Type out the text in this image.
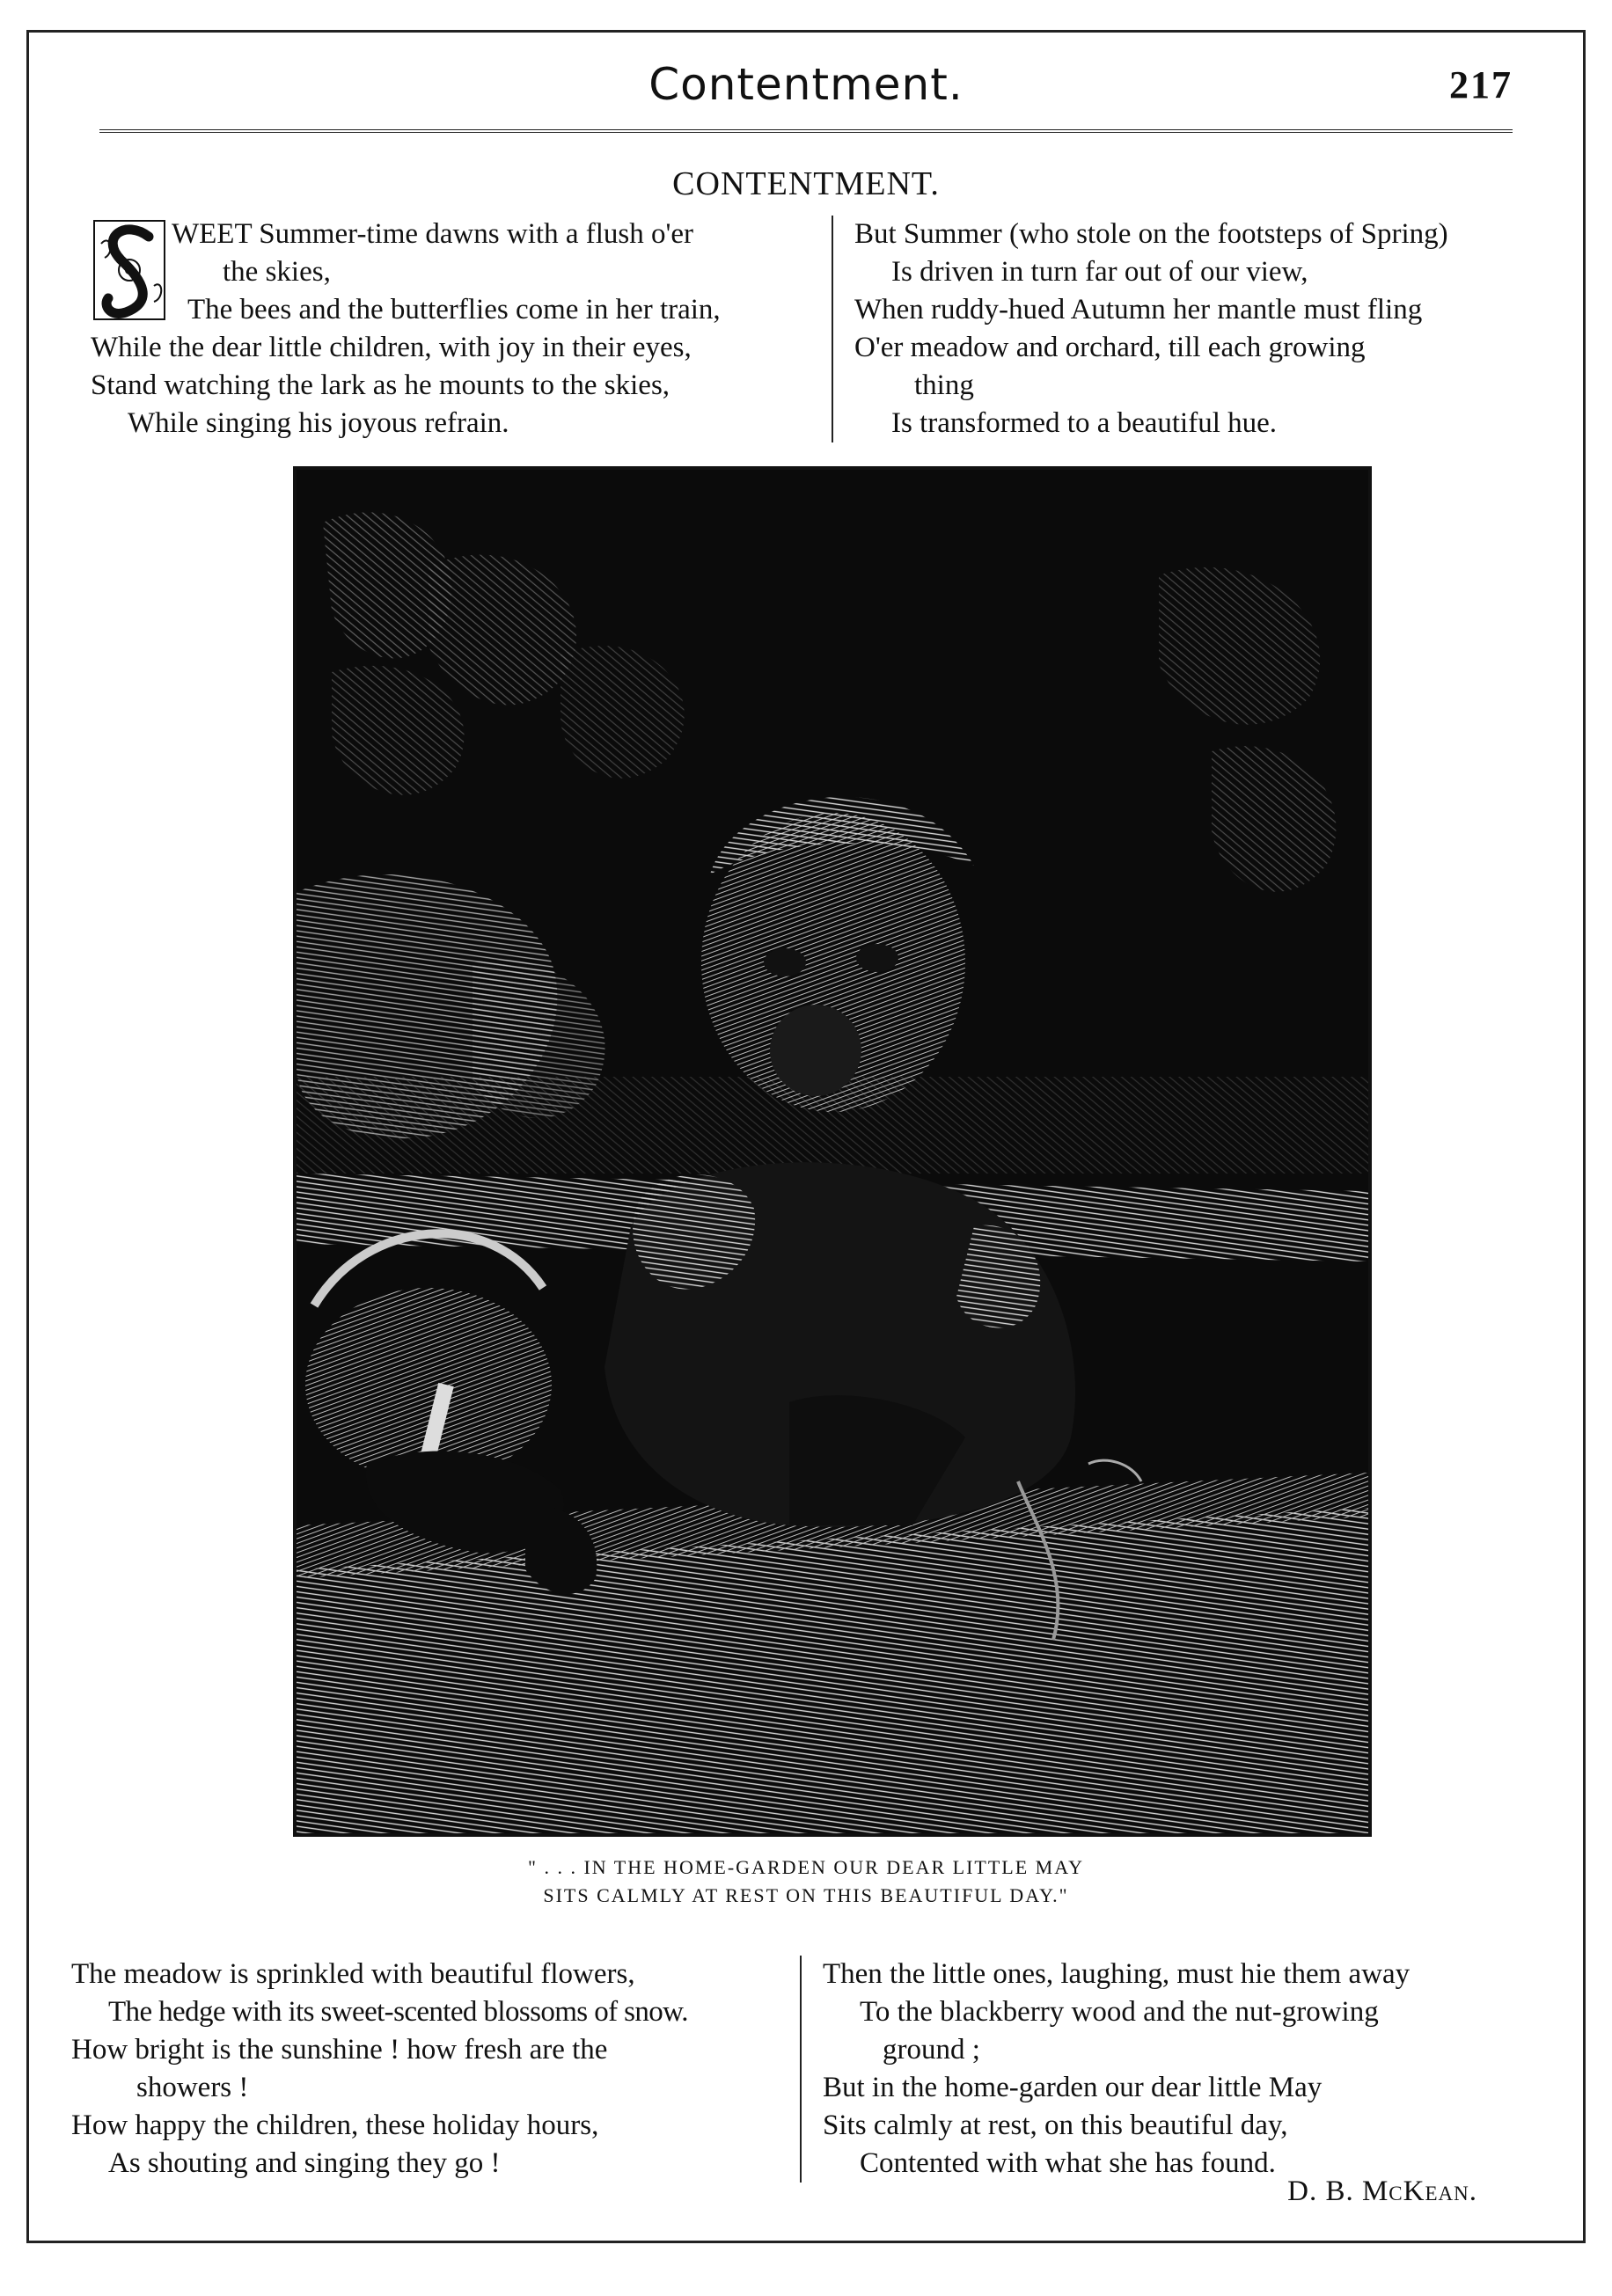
Contentment.	217
CONTENTMENT.
S
WEET Summer-time dawns with a flush o'er
the skies,
The bees and the butterflies come in her train,
While the dear little children, with joy in their eyes,
Stand watching the lark as he mounts to the skies,
While singing his joyous refrain.
But Summer (who stole on the footsteps of Spring)
Is driven in turn far out of our view,
When ruddy-hued Autumn her mantle must fling
O'er meadow and orchard, till each growing
thing
Is transformed to a beautiful hue.
" . . . IN THE HOME-GARDEN OUR DEAR LITTLE MAY
SITS CALMLY AT REST ON THIS BEAUTIFUL DAY."
The meadow is sprinkled with beautiful flowers,
The hedge with its sweet-scented blossoms of snow.
How bright is the sunshine ! how fresh are the
showers !
How happy the children, these holiday hours,
As shouting and singing they go !
Then the little ones, laughing, must hie them away
To the blackberry wood and the nut-growing
ground ;
But in the home-garden our dear little May
Sits calmly at rest, on this beautiful day,
Contented with what she has found.
D. B. McKean.
